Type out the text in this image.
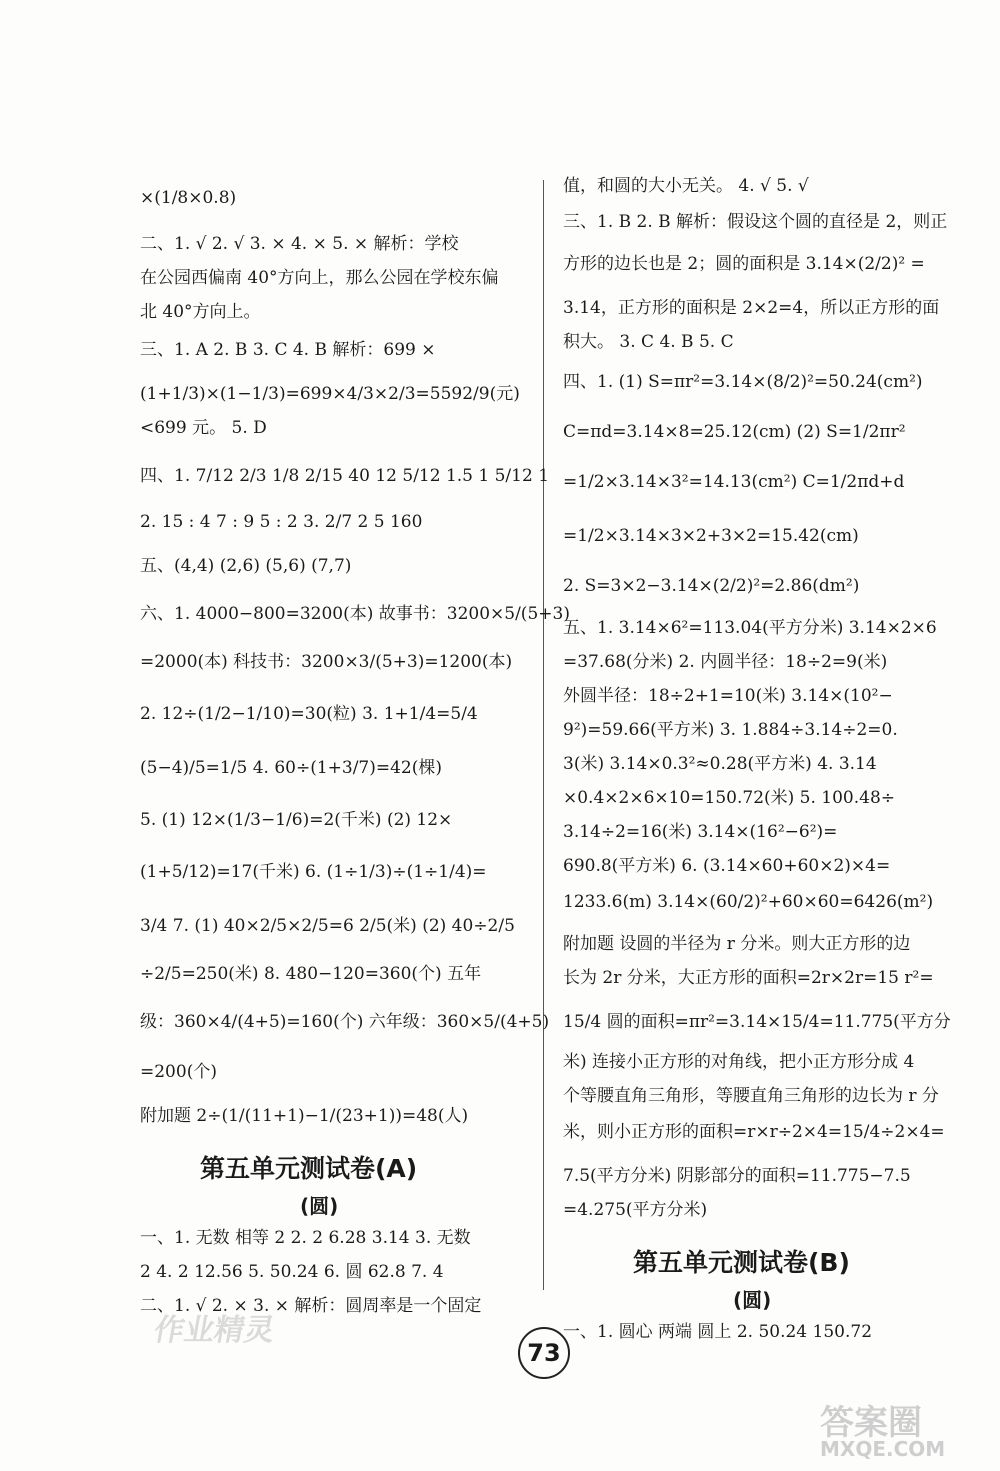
×(1/8×0.8)
二、1. √ 2. √ 3. × 4. × 5. × 解析：学校
在公园西偏南 40°方向上，那么公园在学校东偏
北 40°方向上。
三、1. A 2. B 3. C 4. B 解析：699 ×
(1+1/3)×(1−1/3)=699×4/3×2/3=5592/9(元)
<699 元。 5. D
四、1. 7/12 2/3 1/8 2/15 40 12 5/12 1.5 1 5/12 1
2. 15 : 4 7 : 9 5 : 2 3. 2/7 2 5 160
五、(4,4) (2,6) (5,6) (7,7)
六、1. 4000−800=3200(本) 故事书：3200×5/(5+3)
=2000(本) 科技书：3200×3/(5+3)=1200(本)
2. 12÷(1/2−1/10)=30(粒) 3. 1+1/4=5/4
(5−4)/5=1/5 4. 60÷(1+3/7)=42(棵)
5. (1) 12×(1/3−1/6)=2(千米) (2) 12×
(1+5/12)=17(千米) 6. (1÷1/3)÷(1÷1/4)=
3/4 7. (1) 40×2/5×2/5=6 2/5(米) (2) 40÷2/5
÷2/5=250(米) 8. 480−120=360(个) 五年
级：360×4/(4+5)=160(个) 六年级：360×5/(4+5)
=200(个)
附加题 2÷(1/(11+1)−1/(23+1))=48(人)
第五单元测试卷(A)
(圆)
一、1. 无数 相等 2 2. 2 6.28 3.14 3. 无数
2 4. 2 12.56 5. 50.24 6. 圆 62.8 7. 4
二、1. √ 2. × 3. × 解析：圆周率是一个固定
值，和圆的大小无关。 4. √ 5. √
三、1. B 2. B 解析：假设这个圆的直径是 2，则正
方形的边长也是 2；圆的面积是 3.14×(2/2)² =
3.14，正方形的面积是 2×2=4，所以正方形的面
积大。 3. C 4. B 5. C
四、1. (1) S=πr²=3.14×(8/2)²=50.24(cm²)
C=πd=3.14×8=25.12(cm) (2) S=1/2πr²
=1/2×3.14×3²=14.13(cm²) C=1/2πd+d
=1/2×3.14×3×2+3×2=15.42(cm)
2. S=3×2−3.14×(2/2)²=2.86(dm²)
五、1. 3.14×6²=113.04(平方分米) 3.14×2×6
=37.68(分米) 2. 内圆半径：18÷2=9(米)
外圆半径：18÷2+1=10(米) 3.14×(10²−
9²)=59.66(平方米) 3. 1.884÷3.14÷2=0.
3(米) 3.14×0.3²≈0.28(平方米) 4. 3.14
×0.4×2×6×10=150.72(米) 5. 100.48÷
3.14÷2=16(米) 3.14×(16²−6²)=
690.8(平方米) 6. (3.14×60+60×2)×4=
1233.6(m) 3.14×(60/2)²+60×60=6426(m²)
附加题 设圆的半径为 r 分米。则大正方形的边
长为 2r 分米，大正方形的面积=2r×2r=15 r²=
15/4 圆的面积=πr²=3.14×15/4=11.775(平方分
米) 连接小正方形的对角线，把小正方形分成 4
个等腰直角三角形，等腰直角三角形的边长为 r 分
米，则小正方形的面积=r×r÷2×4=15/4÷2×4=
7.5(平方分米) 阴影部分的面积=11.775−7.5
=4.275(平方分米)
第五单元测试卷(B)
(圆)
一、1. 圆心 两端 圆上 2. 50.24 150.72
73
作业精灵
答案圈
MXQE.COM
